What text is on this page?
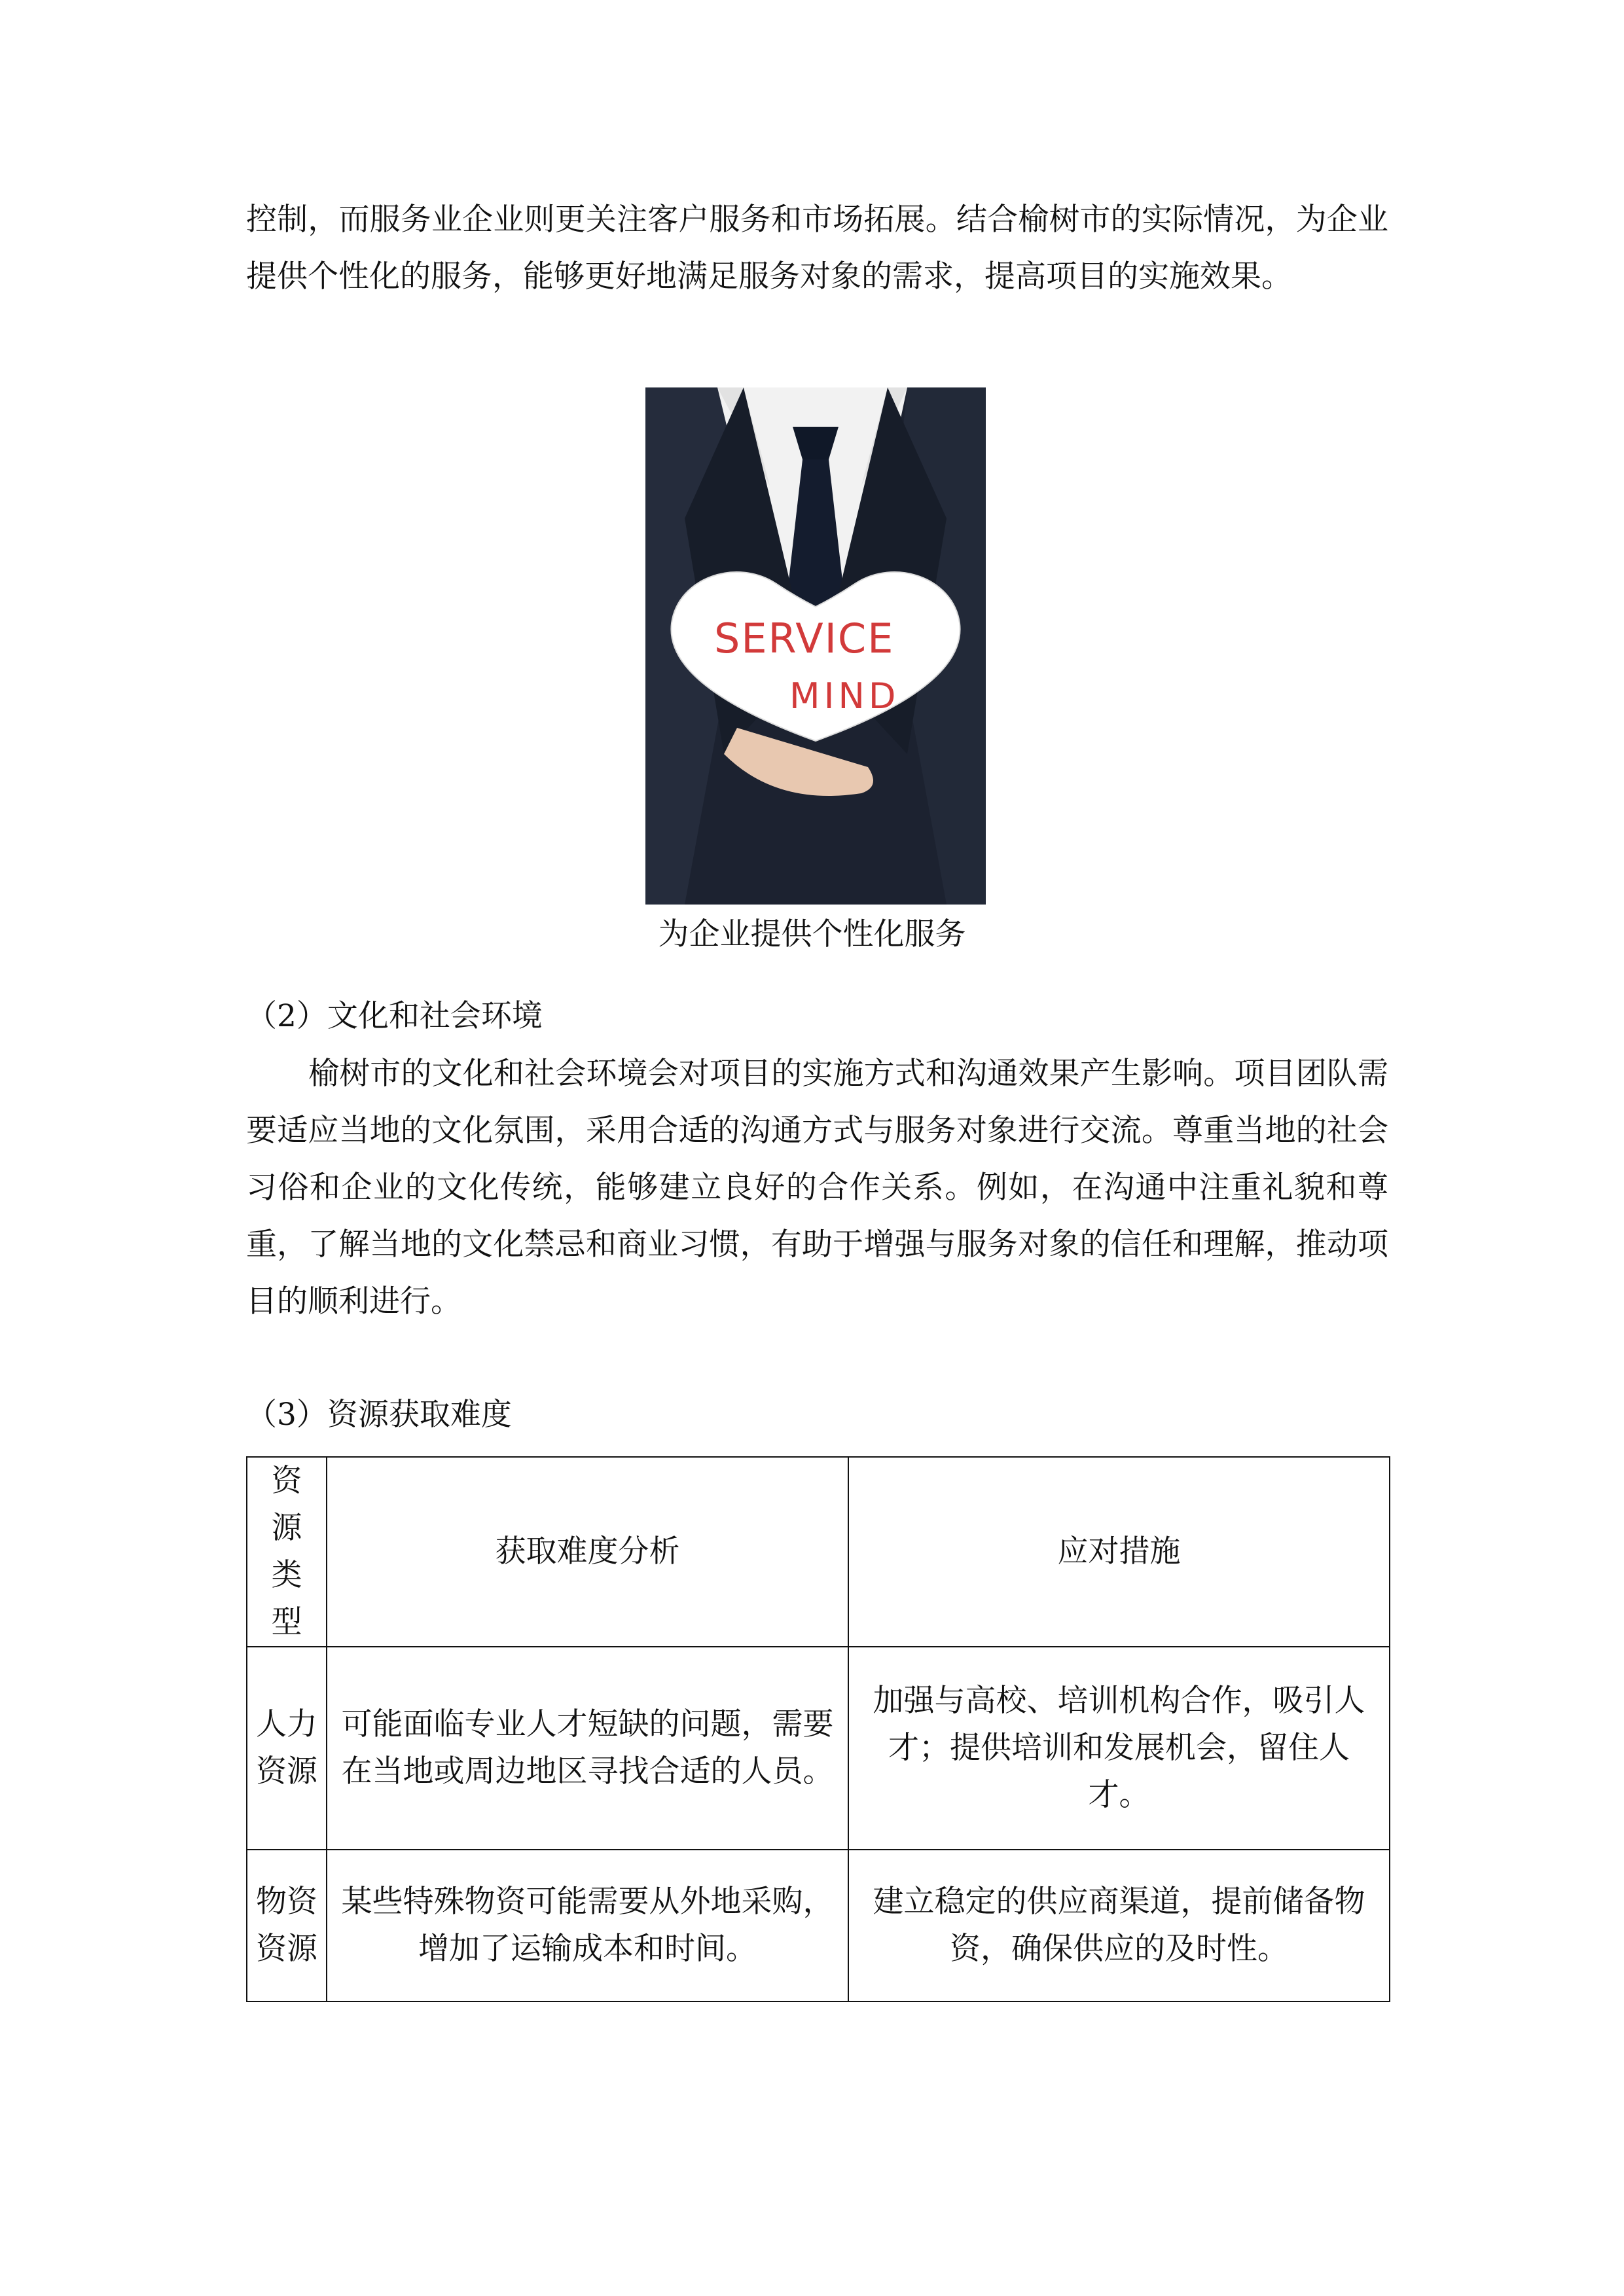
控制，而服务业企业则更关注客户服务和市场拓展。结合榆树市的实际情况，为企业提供个性化的服务，能够更好地满足服务对象的需求，提高项目的实施效果。

SERVICE
MIND

为企业提供个性化服务

（2）文化和社会环境

榆树市的文化和社会环境会对项目的实施方式和沟通效果产生影响。项目团队需要适应当地的文化氛围，采用合适的沟通方式与服务对象进行交流。尊重当地的社会习俗和企业的文化传统，能够建立良好的合作关系。例如，在沟通中注重礼貌和尊重，了解当地的文化禁忌和商业习惯，有助于增强与服务对象的信任和理解，推动项目的顺利进行。

（3）资源获取难度

资源类型	获取难度分析	应对措施
人力资源	可能面临专业人才短缺的问题，需要在当地或周边地区寻找合适的人员。	加强与高校、培训机构合作，吸引人才；提供培训和发展机会，留住人才。
物资资源	某些特殊物资可能需要从外地采购，增加了运输成本和时间。	建立稳定的供应商渠道，提前储备物资，确保供应的及时性。
